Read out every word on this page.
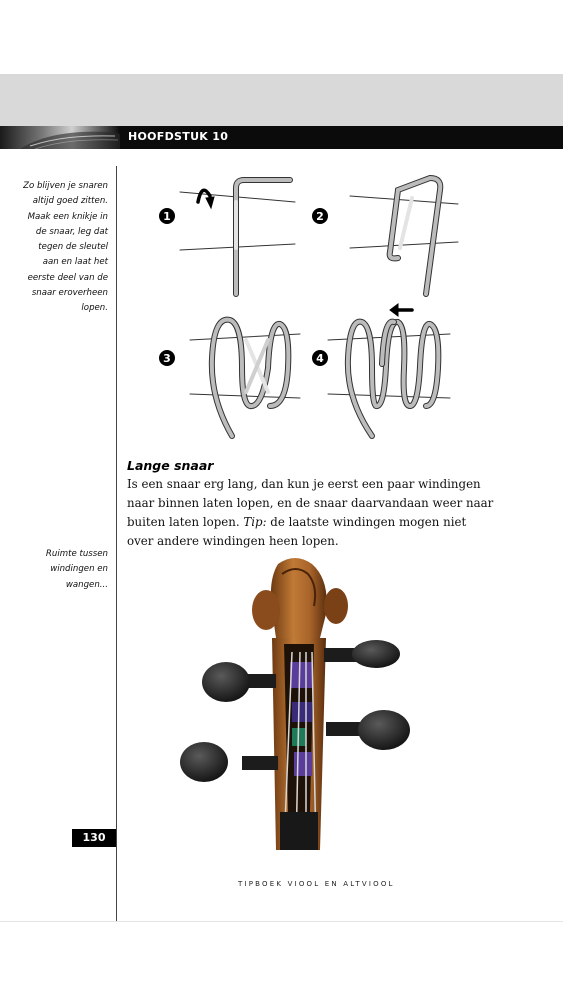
HOOFDSTUK 10
Zo blijven je snaren
altijd goed zitten.
Maak een knikje in
de snaar, leg dat
tegen de sleutel
aan en laat het
eerste deel van de
snaar eroverheen
lopen.
Ruimte tussen
windingen en
wangen...
1	2
3	4
Lange snaar
Is een snaar erg lang, dan kun je eerst een paar windingen naar binnen laten lopen, en de snaar daarvandaan weer naar buiten laten lopen. Tip: de laatste windingen mogen niet over andere windingen heen lopen.
130
TIPBOEK VIOOL EN ALTVIOOL
